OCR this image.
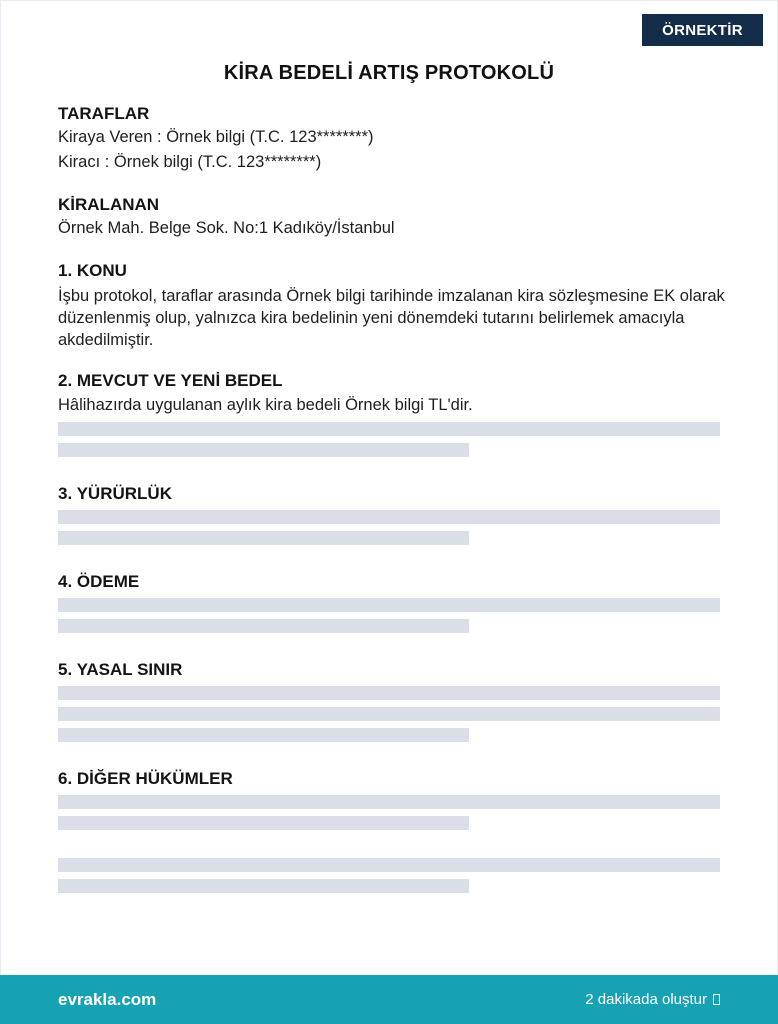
ÖRNEKTİR
KİRA BEDELİ ARTIŞ PROTOKOLÜ
TARAFLAR
Kiraya Veren : Örnek bilgi (T.C. 123********)
Kiracı : Örnek bilgi (T.C. 123********)
KİRALANAN
Örnek Mah. Belge Sok. No:1 Kadıköy/İstanbul
1. KONU
İşbu protokol, taraflar arasında Örnek bilgi tarihinde imzalanan kira sözleşmesine EK olarak düzenlenmiş olup, yalnızca kira bedelinin yeni dönemdeki tutarını belirlemek amacıyla akdedilmiştir.
2. MEVCUT VE YENİ BEDEL
Hâlihazırda uygulanan aylık kira bedeli Örnek bilgi TL'dir.
3. YÜRÜRLÜK
4. ÖDEME
5. YASAL SINIR
6. DİĞER HÜKÜMLER
evrakla.com	2 dakikada oluştur
